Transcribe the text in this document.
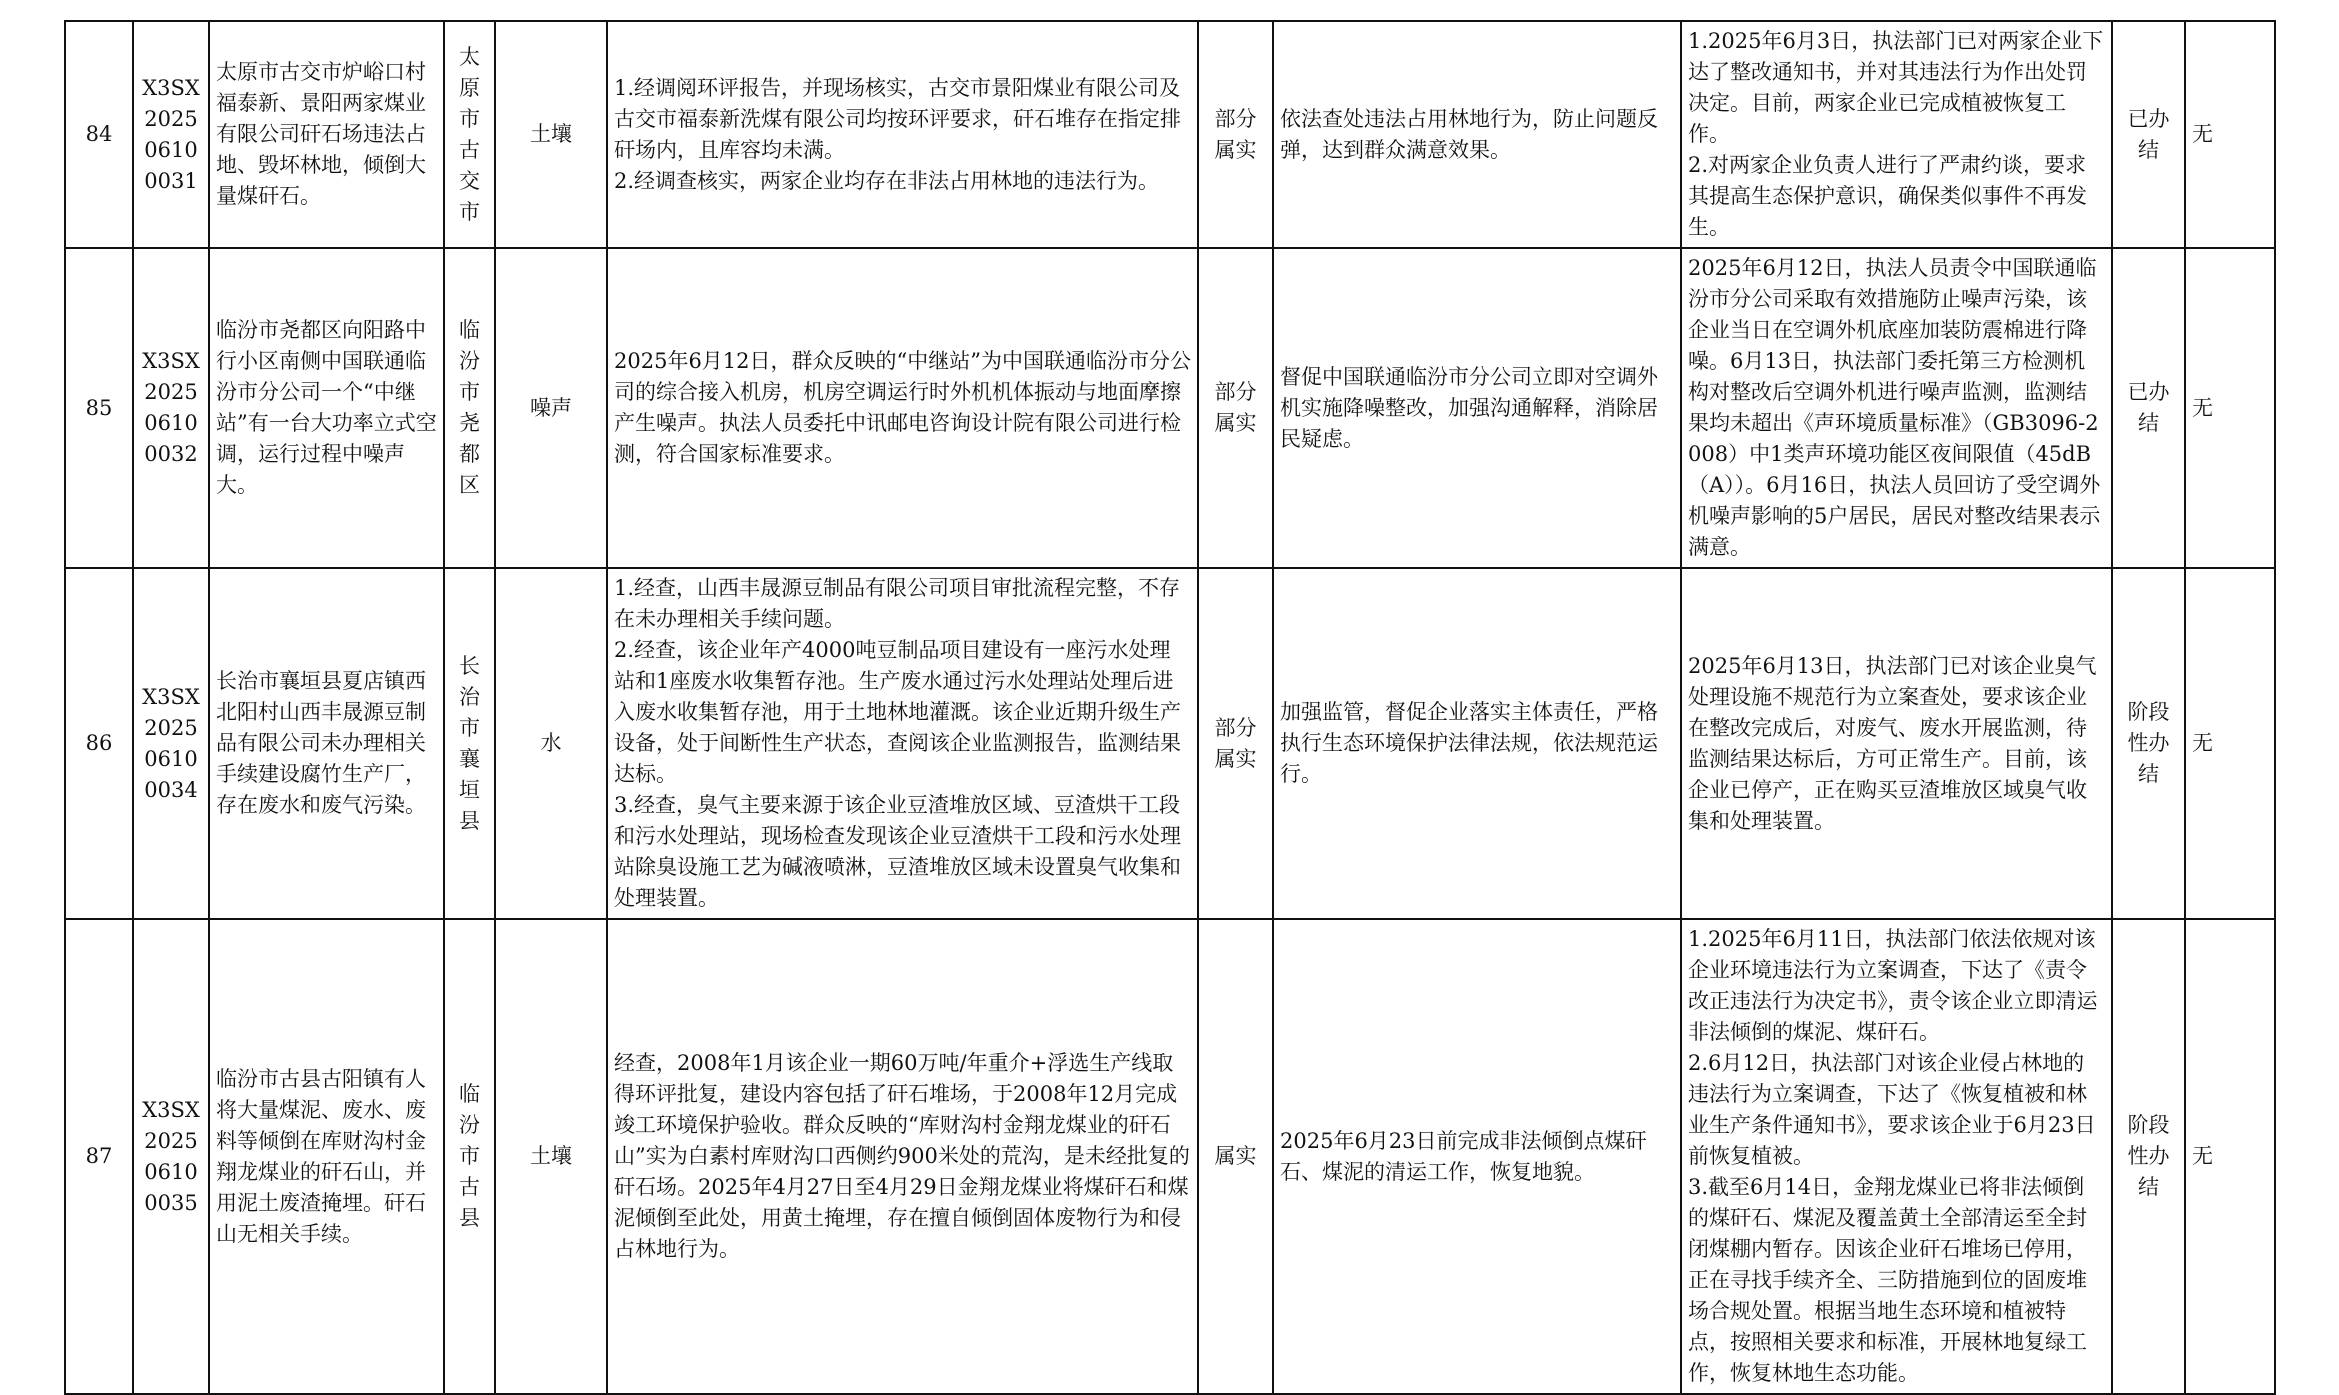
84	X3SX20250610 0031	太原市古交市炉峪口村福泰新、景阳两家煤业有限公司矸石场违法占地、毁坏林地，倾倒大量煤矸石。	太原市古交市	土壤	1.经调阅环评报告，并现场核实，古交市景阳煤业有限公司及古交市福泰新洗煤有限公司均按环评要求，矸石堆存在指定排矸场内，且库容均未满。
2.经调查核实，两家企业均存在非法占用林地的违法行为。	部分属实	依法查处违法占用林地行为，防止问题反弹，达到群众满意效果。	1.2025年6月3日，执法部门已对两家企业下达了整改通知书，并对其违法行为作出处罚决定。目前，两家企业已完成植被恢复工作。
2.对两家企业负责人进行了严肃约谈，要求其提高生态保护意识，确保类似事件不再发生。	已办结	无
85	X3SX20250610 0032	临汾市尧都区向阳路中行小区南侧中国联通临汾市分公司一个“中继站”有一台大功率立式空调，运行过程中噪声大。	临汾市尧都区	噪声	2025年6月12日，群众反映的“中继站”为中国联通临汾市分公司的综合接入机房，机房空调运行时外机机体振动与地面摩擦产生噪声。执法人员委托中讯邮电咨询设计院有限公司进行检测，符合国家标准要求。	部分属实	督促中国联通临汾市分公司立即对空调外机实施降噪整改，加强沟通解释，消除居民疑虑。	2025年6月12日，执法人员责令中国联通临汾市分公司采取有效措施防止噪声污染，该企业当日在空调外机底座加装防震棉进行降噪。6月13日，执法部门委托第三方检测机构对整改后空调外机进行噪声监测，监测结果均未超出《声环境质量标准》（GB3096-2008）中1类声环境功能区夜间限值（45dB（A））。6月16日，执法人员回访了受空调外机噪声影响的5户居民，居民对整改结果表示满意。	已办结	无
86	X3SX20250610 0034	长治市襄垣县夏店镇西北阳村山西丰晟源豆制品有限公司未办理相关手续建设腐竹生产厂，存在废水和废气污染。	长治市襄垣县	水	1.经查，山西丰晟源豆制品有限公司项目审批流程完整，不存在未办理相关手续问题。
2.经查，该企业年产4000吨豆制品项目建设有一座污水处理站和1座废水收集暂存池。生产废水通过污水处理站处理后进入废水收集暂存池，用于土地林地灌溉。该企业近期升级生产设备，处于间断性生产状态，查阅该企业监测报告，监测结果达标。
3.经查，臭气主要来源于该企业豆渣堆放区域、豆渣烘干工段和污水处理站，现场检查发现该企业豆渣烘干工段和污水处理站除臭设施工艺为碱液喷淋，豆渣堆放区域未设置臭气收集和处理装置。	部分属实	加强监管，督促企业落实主体责任，严格执行生态环境保护法律法规，依法规范运行。	2025年6月13日，执法部门已对该企业臭气处理设施不规范行为立案查处，要求该企业在整改完成后，对废气、废水开展监测，待监测结果达标后，方可正常生产。目前，该企业已停产，正在购买豆渣堆放区域臭气收集和处理装置。	阶段性办结	无
87	X3SX20250610 0035	临汾市古县古阳镇有人将大量煤泥、废水、废料等倾倒在库财沟村金翔龙煤业的矸石山，并用泥土废渣掩埋。矸石山无相关手续。	临汾市古县	土壤	经查，2008年1月该企业一期60万吨/年重介+浮选生产线取得环评批复，建设内容包括了矸石堆场，于2008年12月完成竣工环境保护验收。群众反映的“库财沟村金翔龙煤业的矸石山”实为白素村库财沟口西侧约900米处的荒沟，是未经批复的矸石场。2025年4月27日至4月29日金翔龙煤业将煤矸石和煤泥倾倒至此处，用黄土掩埋，存在擅自倾倒固体废物行为和侵占林地行为。	属实	2025年6月23日前完成非法倾倒点煤矸石、煤泥的清运工作，恢复地貌。	1.2025年6月11日，执法部门依法依规对该企业环境违法行为立案调查，下达了《责令改正违法行为决定书》，责令该企业立即清运非法倾倒的煤泥、煤矸石。
2.6月12日，执法部门对该企业侵占林地的违法行为立案调查，下达了《恢复植被和林业生产条件通知书》，要求该企业于6月23日前恢复植被。
3.截至6月14日，金翔龙煤业已将非法倾倒的煤矸石、煤泥及覆盖黄土全部清运至全封闭煤棚内暂存。因该企业矸石堆场已停用，正在寻找手续齐全、三防措施到位的固废堆场合规处置。根据当地生态环境和植被特点，按照相关要求和标准，开展林地复绿工作，恢复林地生态功能。	阶段性办结	无
